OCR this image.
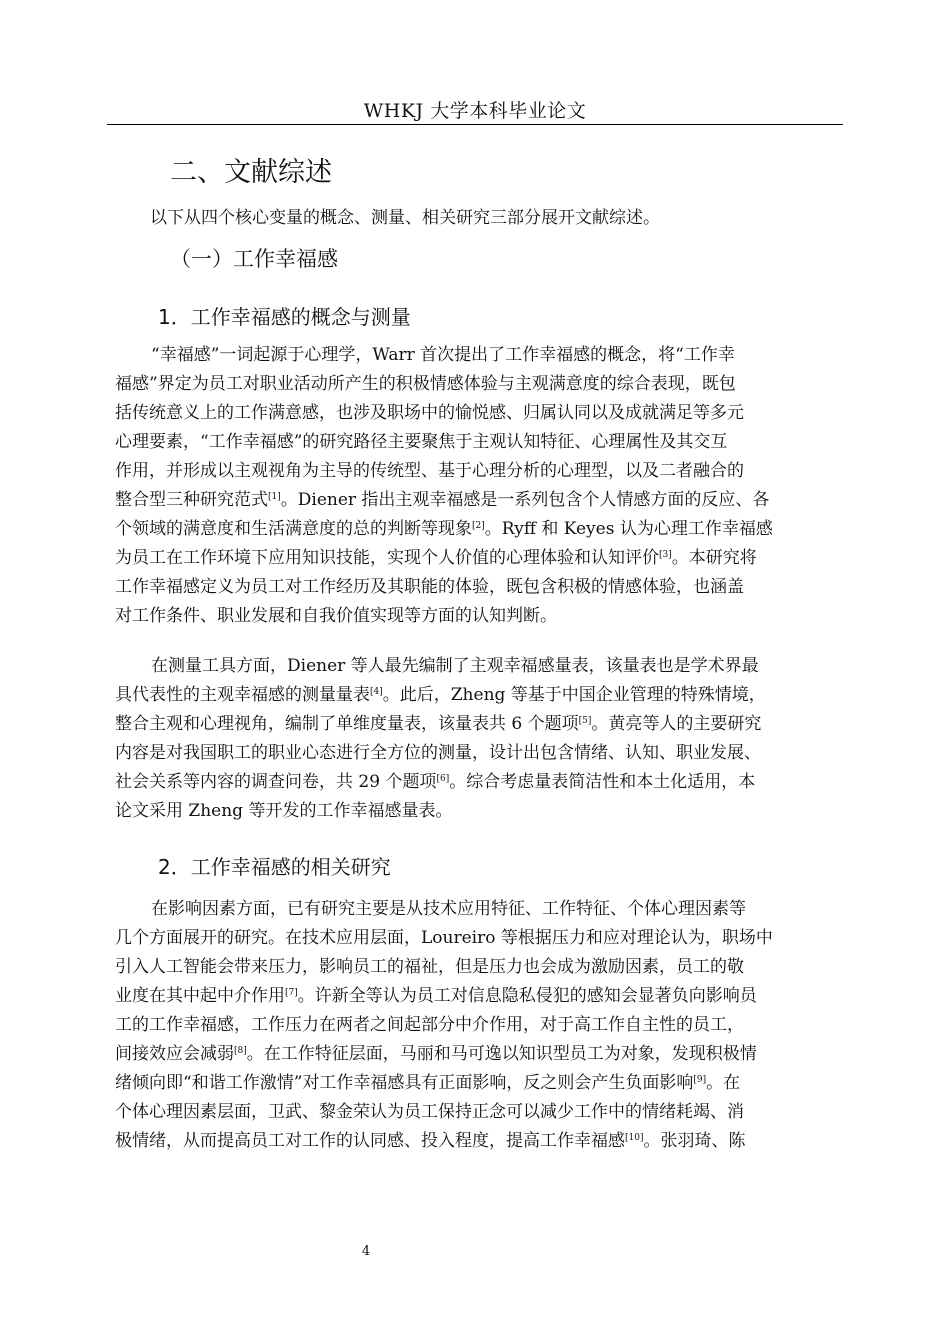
WHKJ 大学本科毕业论文
二、文献综述
以下从四个核心变量的概念、测量、相关研究三部分展开文献综述。
（一）工作幸福感
1．工作幸福感的概念与测量
“幸福感”一词起源于心理学，Warr 首次提出了工作幸福感的概念，将“工作幸
福感”界定为员工对职业活动所产生的积极情感体验与主观满意度的综合表现，既包
括传统意义上的工作满意感，也涉及职场中的愉悦感、归属认同以及成就满足等多元
心理要素，“工作幸福感”的研究路径主要聚焦于主观认知特征、心理属性及其交互
作用，并形成以主观视角为主导的传统型、基于心理分析的心理型，以及二者融合的
整合型三种研究范式[1]。Diener 指出主观幸福感是一系列包含个人情感方面的反应、各
个领域的满意度和生活满意度的总的判断等现象[2]。Ryff 和 Keyes 认为心理工作幸福感
为员工在工作环境下应用知识技能，实现个人价值的心理体验和认知评价[3]。本研究将
工作幸福感定义为员工对工作经历及其职能的体验，既包含积极的情感体验，也涵盖
对工作条件、职业发展和自我价值实现等方面的认知判断。
在测量工具方面，Diener 等人最先编制了主观幸福感量表，该量表也是学术界最
具代表性的主观幸福感的测量量表[4]。此后，Zheng 等基于中国企业管理的特殊情境，
整合主观和心理视角，编制了单维度量表，该量表共 6 个题项[5]。黄亮等人的主要研究
内容是对我国职工的职业心态进行全方位的测量，设计出包含情绪、认知、职业发展、
社会关系等内容的调查问卷，共 29 个题项[6]。综合考虑量表简洁性和本土化适用，本
论文采用 Zheng 等开发的工作幸福感量表。
2．工作幸福感的相关研究
在影响因素方面，已有研究主要是从技术应用特征、工作特征、个体心理因素等
几个方面展开的研究。在技术应用层面，Loureiro 等根据压力和应对理论认为，职场中
引入人工智能会带来压力，影响员工的福祉，但是压力也会成为激励因素，员工的敬
业度在其中起中介作用[7]。许新全等认为员工对信息隐私侵犯的感知会显著负向影响员
工的工作幸福感，工作压力在两者之间起部分中介作用，对于高工作自主性的员工，
间接效应会减弱[8]。在工作特征层面，马丽和马可逸以知识型员工为对象，发现积极情
绪倾向即“和谐工作激情”对工作幸福感具有正面影响，反之则会产生负面影响[9]。在
个体心理因素层面，卫武、黎金荣认为员工保持正念可以减少工作中的情绪耗竭、消
极情绪，从而提高员工对工作的认同感、投入程度，提高工作幸福感[10]。张羽琦、陈
4
